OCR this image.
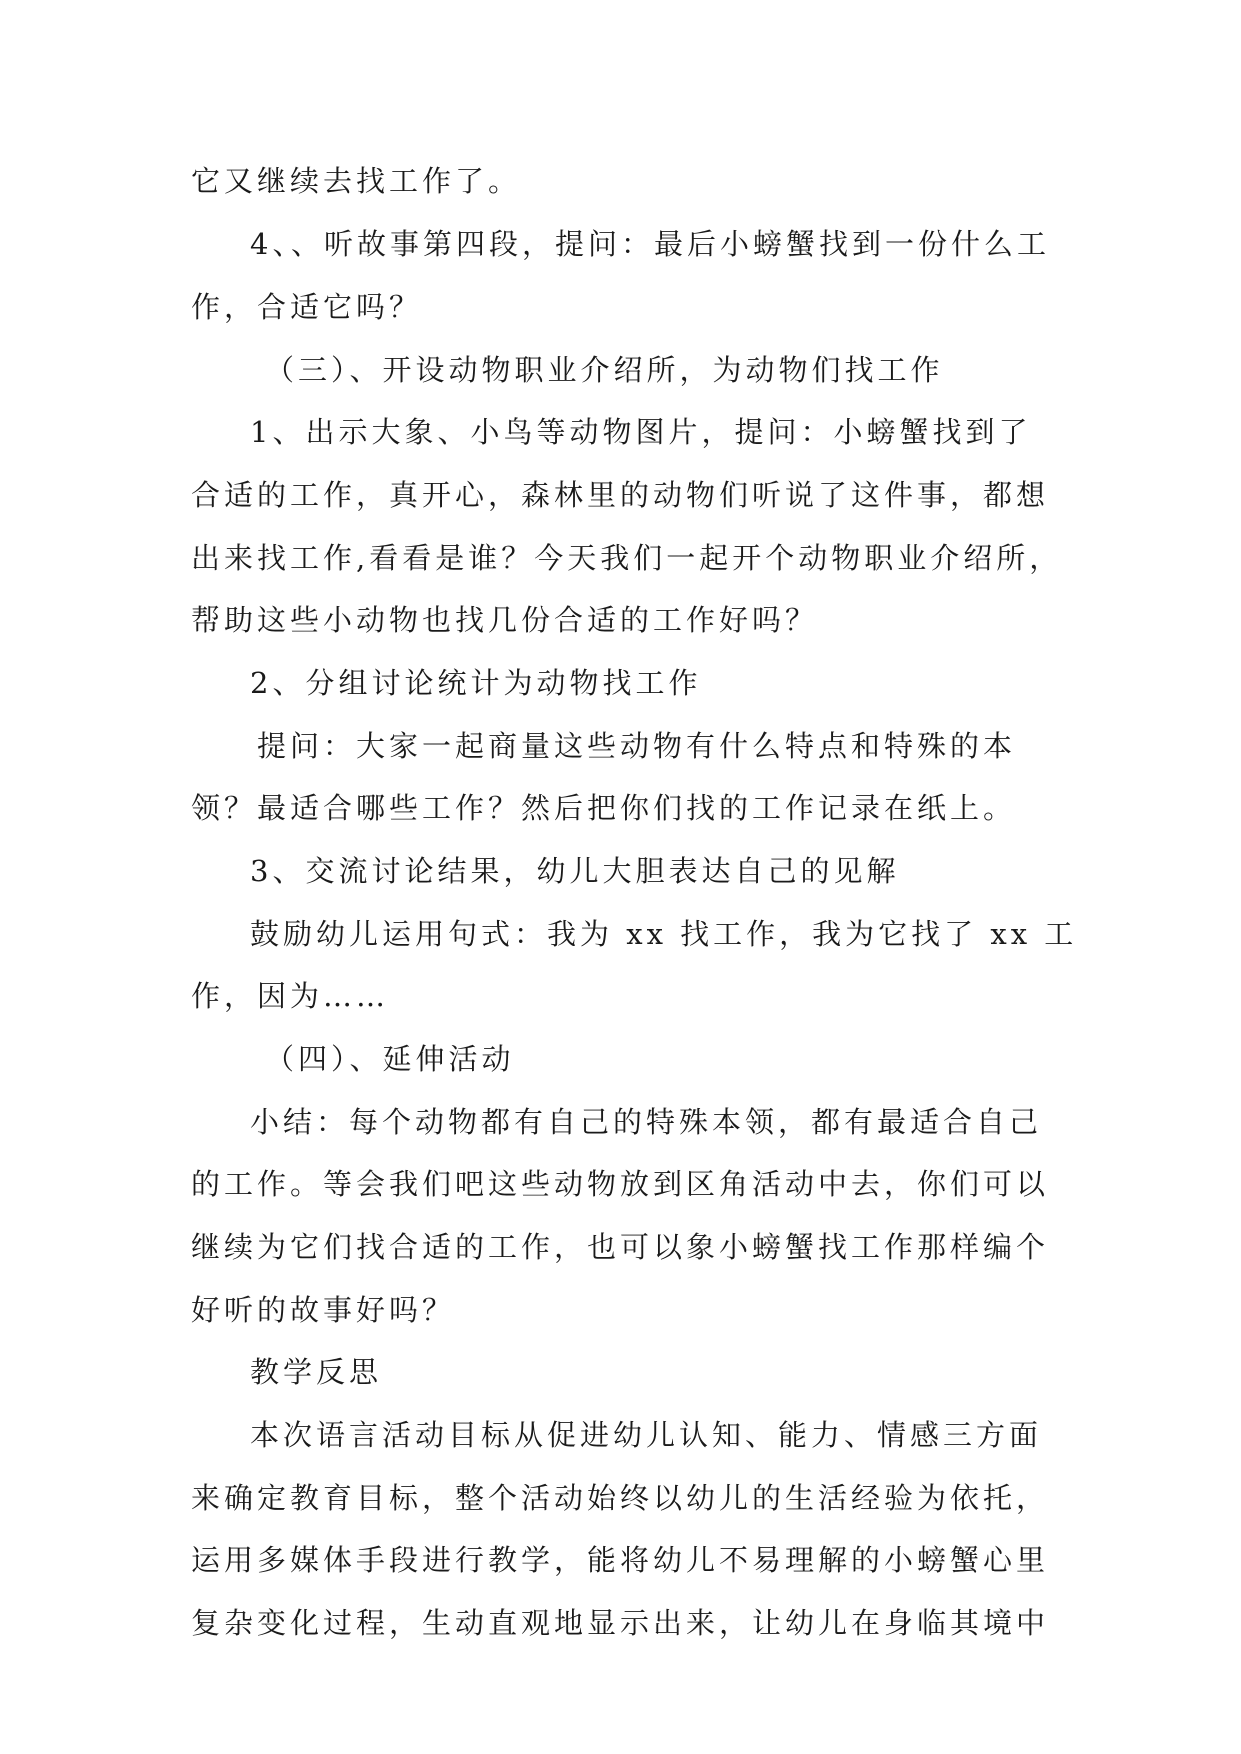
它又继续去找工作了。
4、、听故事第四段，提问：最后小螃蟹找到一份什么工
作，合适它吗？
（三）、开设动物职业介绍所，为动物们找工作
1、出示大象、小鸟等动物图片，提问：小螃蟹找到了
合适的工作，真开心，森林里的动物们听说了这件事，都想
出来找工作,看看是谁？今天我们一起开个动物职业介绍所，
帮助这些小动物也找几份合适的工作好吗？
2、分组讨论统计为动物找工作
提问：大家一起商量这些动物有什么特点和特殊的本
领？最适合哪些工作？然后把你们找的工作记录在纸上。
3、交流讨论结果，幼儿大胆表达自己的见解
鼓励幼儿运用句式：我为 xx 找工作，我为它找了 xx 工
作，因为……
（四）、延伸活动
小结：每个动物都有自己的特殊本领，都有最适合自己
的工作。等会我们吧这些动物放到区角活动中去，你们可以
继续为它们找合适的工作，也可以象小螃蟹找工作那样编个
好听的故事好吗？
教学反思
本次语言活动目标从促进幼儿认知、能力、情感三方面
来确定教育目标，整个活动始终以幼儿的生活经验为依托，
运用多媒体手段进行教学，能将幼儿不易理解的小螃蟹心里
复杂变化过程，生动直观地显示出来，让幼儿在身临其境中
